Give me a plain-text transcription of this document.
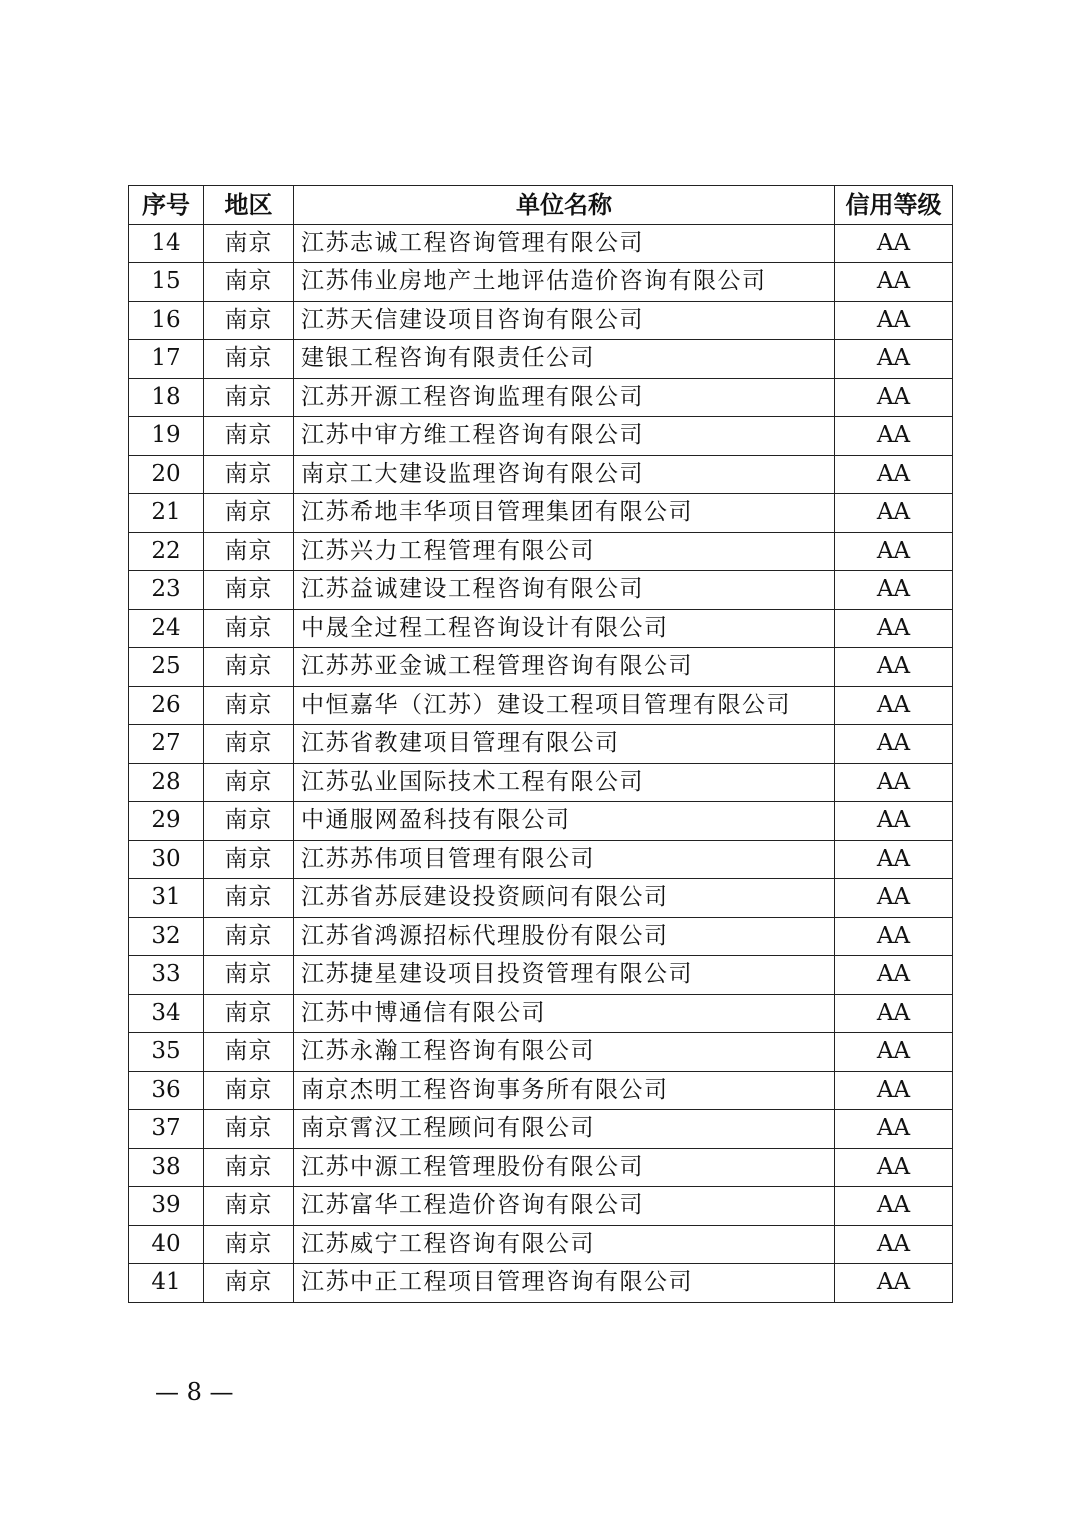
序号	地区	单位名称	信用等级
14	南京	江苏志诚工程咨询管理有限公司	AA
15	南京	江苏伟业房地产土地评估造价咨询有限公司	AA
16	南京	江苏天信建设项目咨询有限公司	AA
17	南京	建银工程咨询有限责任公司	AA
18	南京	江苏开源工程咨询监理有限公司	AA
19	南京	江苏中审方维工程咨询有限公司	AA
20	南京	南京工大建设监理咨询有限公司	AA
21	南京	江苏希地丰华项目管理集团有限公司	AA
22	南京	江苏兴力工程管理有限公司	AA
23	南京	江苏益诚建设工程咨询有限公司	AA
24	南京	中晟全过程工程咨询设计有限公司	AA
25	南京	江苏苏亚金诚工程管理咨询有限公司	AA
26	南京	中恒嘉华（江苏）建设工程项目管理有限公司	AA
27	南京	江苏省教建项目管理有限公司	AA
28	南京	江苏弘业国际技术工程有限公司	AA
29	南京	中通服网盈科技有限公司	AA
30	南京	江苏苏伟项目管理有限公司	AA
31	南京	江苏省苏辰建设投资顾问有限公司	AA
32	南京	江苏省鸿源招标代理股份有限公司	AA
33	南京	江苏捷星建设项目投资管理有限公司	AA
34	南京	江苏中博通信有限公司	AA
35	南京	江苏永瀚工程咨询有限公司	AA
36	南京	南京杰明工程咨询事务所有限公司	AA
37	南京	南京霄汉工程顾问有限公司	AA
38	南京	江苏中源工程管理股份有限公司	AA
39	南京	江苏富华工程造价咨询有限公司	AA
40	南京	江苏威宁工程咨询有限公司	AA
41	南京	江苏中正工程项目管理咨询有限公司	AA
— 8 —
